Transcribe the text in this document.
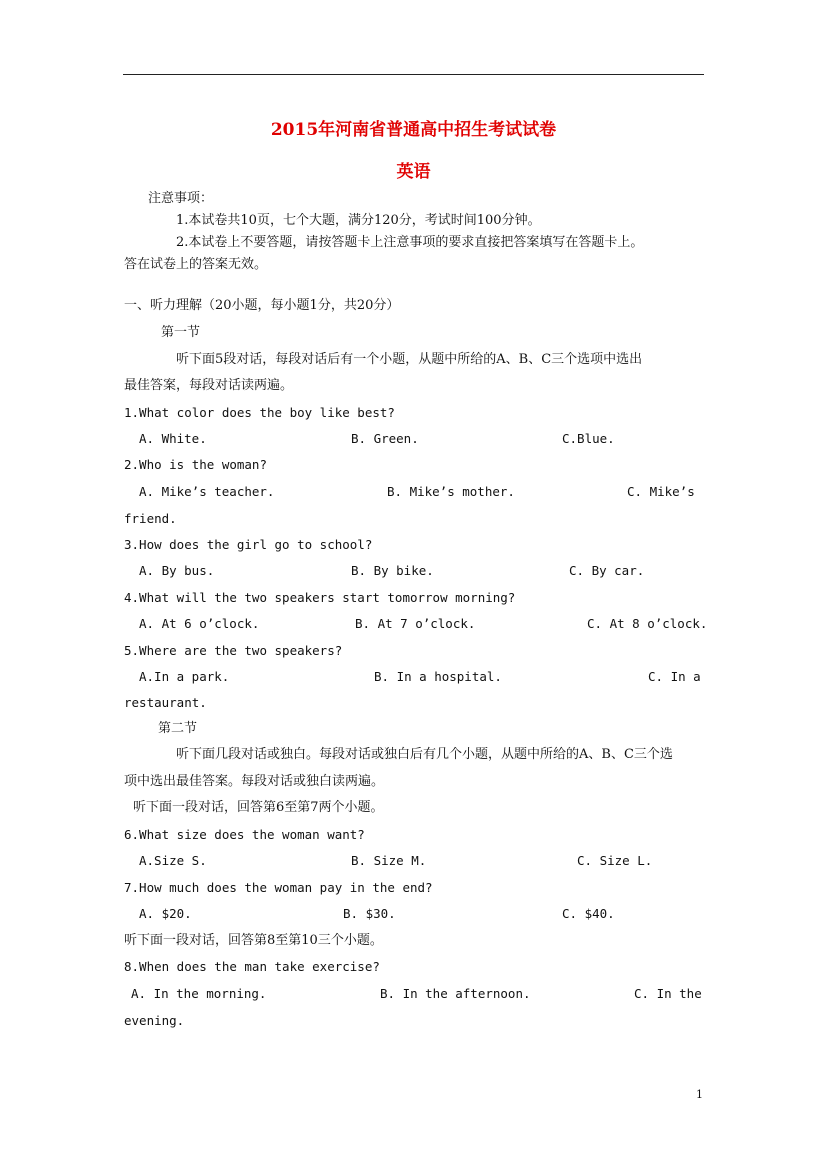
2015年河南省普通高中招生考试试卷
英语
注意事项：
1.本试卷共10页，七个大题，满分120分，考试时间100分钟。
2.本试卷上不要答题，请按答题卡上注意事项的要求直接把答案填写在答题卡上。
答在试卷上的答案无效。
一、听力理解（20小题，每小题1分，共20分）
第一节
听下面5段对话，每段对话后有一个小题，从题中所给的A、B、C三个选项中选出
最佳答案，每段对话读两遍。
1.What color does the boy like best?
A. White.	B. Green.	C.Blue.
2.Who is the woman?
A. Mike’s teacher.	B. Mike’s mother.	C. Mike’s
friend.
3.How does the girl go to school?
A. By bus.	B. By bike.	C. By car.
4.What will the two speakers start tomorrow morning?
A. At 6 o’clock.	B. At 7 o’clock.	C. At 8 o’clock.
5.Where are the two speakers?
A.In a park.	B. In a hospital.	C. In a
restaurant.
第二节
听下面几段对话或独白。每段对话或独白后有几个小题，从题中所给的A、B、C三个选
项中选出最佳答案。每段对话或独白读两遍。
听下面一段对话，回答第6至第7两个小题。
6.What size does the woman want?
A.Size S.	B. Size M.	C. Size L.
7.How much does the woman pay in the end?
A. $20.	B. $30.	C. $40.
听下面一段对话，回答第8至第10三个小题。
8.When does the man take exercise?
A. In the morning.	B. In the afternoon.	C. In the
evening.
1
